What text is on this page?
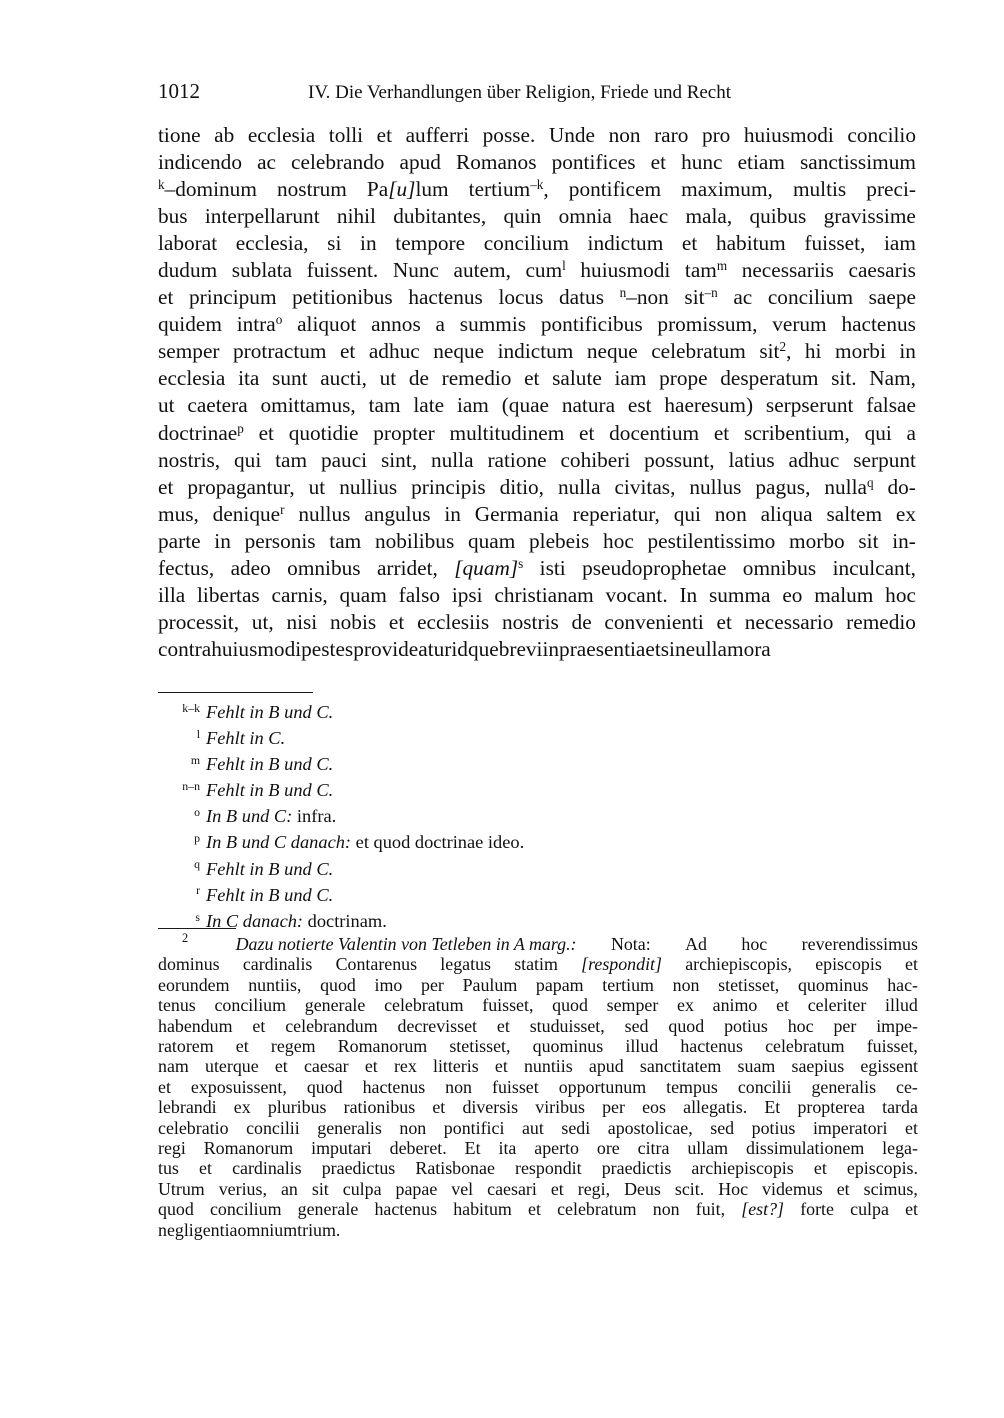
1012	IV. Die Verhandlungen über Religion, Friede und Recht
tione ab ecclesia tolli et aufferri posse. Unde non raro pro huiusmodi concilio
indicendo ac celebrando apud Romanos pontifices et hunc etiam sanctissimum
$^k$–dominum nostrum Pa[u]lum tertium$^{-k}$, pontificem maximum, multis preci-
bus interpellarunt nihil dubitantes, quin omnia haec mala, quibus gravissime
laborat ecclesia, si in tempore concilium indictum et habitum fuisset, iam
dudum sublata fuissent. Nunc autem, cum$^l$ huiusmodi tam$^m$ necessariis caesaris
et principum petitionibus hactenus locus datus $^n$–non sit$^{-n}$ ac concilium saepe
quidem intra$^o$ aliquot annos a summis pontificibus promissum, verum hactenus
semper protractum et adhuc neque indictum neque celebratum sit$^2$, hi morbi in
ecclesia ita sunt aucti, ut de remedio et salute iam prope desperatum sit. Nam,
ut caetera omittamus, tam late iam (quae natura est haeresum) serpserunt falsae
doctrinae$^p$ et quotidie propter multitudinem et docentium et scribentium, qui a
nostris, qui tam pauci sint, nulla ratione cohiberi possunt, latius adhuc serpunt
et propagantur, ut nullius principis ditio, nulla civitas, nullus pagus, nulla$^q$ do-
mus, denique$^r$ nullus angulus in Germania reperiatur, qui non aliqua saltem ex
parte in personis tam nobilibus quam plebeis hoc pestilentissimo morbo sit in-
fectus, adeo omnibus arridet, [quam]$^s$ isti pseudoprophetae omnibus inculcant,
illa libertas carnis, quam falso ipsi christianam vocant. In summa eo malum hoc
processit, ut, nisi nobis et ecclesiis nostris de convenienti et necessario remedio
contra huiusmodi pestes provideatur idque brevi in praesentia et sine ulla mora
k–k Fehlt in B und C.
l Fehlt in C.
m Fehlt in B und C.
n–n Fehlt in B und C.
o In B und C: infra.
p In B und C danach: et quod doctrinae ideo.
q Fehlt in B und C.
r Fehlt in B und C.
s In C danach: doctrinam.
2	Dazu notierte Valentin von Tetleben in A marg.: Nota: Ad hoc reverendissimus
dominus cardinalis Contarenus legatus statim [respondit] archiepiscopis, episcopis et
eorundem nuntiis, quod imo per Paulum papam tertium non stetisset, quominus hac-
tenus concilium generale celebratum fuisset, quod semper ex animo et celeriter illud
habendum et celebrandum decrevisset et studuisset, sed quod potius hoc per impe-
ratorem et regem Romanorum stetisset, quominus illud hactenus celebratum fuisset,
nam uterque et caesar et rex litteris et nuntiis apud sanctitatem suam saepius egissent
et exposuissent, quod hactenus non fuisset opportunum tempus concilii generalis ce-
lebrandi ex pluribus rationibus et diversis viribus per eos allegatis. Et propterea tarda
celebratio concilii generalis non pontifici aut sedi apostolicae, sed potius imperatori et
regi Romanorum imputari deberet. Et ita aperto ore citra ullam dissimulationem lega-
tus et cardinalis praedictus Ratisbonae respondit praedictis archiepiscopis et episcopis.
Utrum verius, an sit culpa papae vel caesari et regi, Deus scit. Hoc videmus et scimus,
quod concilium generale hactenus habitum et celebratum non fuit, [est?] forte culpa et
negligentia omnium trium.
